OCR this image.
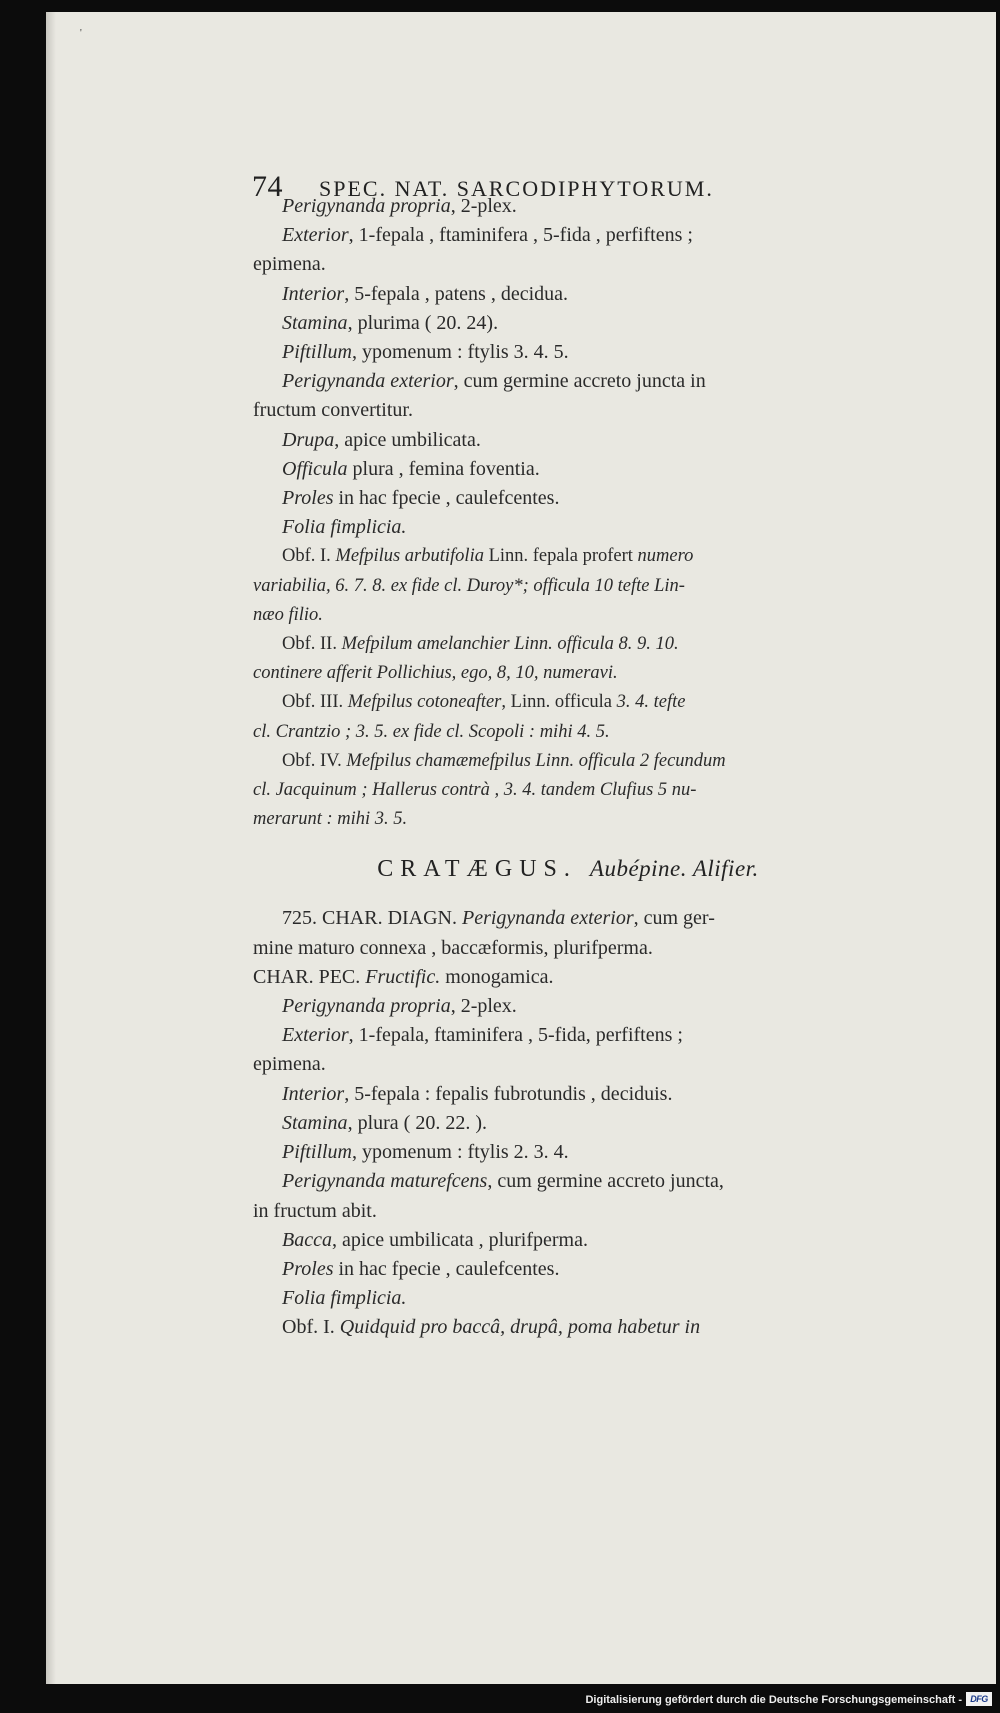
'
74 SPEC. NAT. SARCODIPHYTORUM.
Perigynanda propria, 2-plex.
Exterior, 1-fepala , ftaminifera , 5-fida , perfiftens ;
epimena.
Interior, 5-fepala , patens , decidua.
Stamina, plurima ( 20. 24).
Piftillum, ypomenum : ftylis 3. 4. 5.
Perigynanda exterior, cum germine accreto juncta in
fructum convertitur.
Drupa, apice umbilicata.
Officula plura , femina foventia.
Proles in hac fpecie , caulefcentes.
Folia fimplicia.
Obf. I. Mefpilus arbutifolia Linn. fepala profert numero
variabilia, 6. 7. 8. ex fide cl. Duroy*; officula 10 tefte Lin-
næo filio.
Obf. II. Mefpilum amelanchier Linn. officula 8. 9. 10.
continere afferit Pollichius, ego, 8, 10, numeravi.
Obf. III. Mefpilus cotoneafter, Linn. officula 3. 4. tefte
cl. Crantzio ; 3. 5. ex fide cl. Scopoli : mihi 4. 5.
Obf. IV. Mefpilus chamæmefpilus Linn. officula 2 fecundum
cl. Jacquinum ; Hallerus contrà , 3. 4. tandem Clufius 5 nu-
merarunt : mihi 3. 5.
CRATÆGUS. Aubépine. Alifier.
725. CHAR. DIAGN. Perigynanda exterior, cum ger-
mine maturo connexa , baccæformis, plurifperma.
CHAR. PEC. Fructific. monogamica.
Perigynanda propria, 2-plex.
Exterior, 1-fepala, ftaminifera , 5-fida, perfiftens ;
epimena.
Interior, 5-fepala : fepalis fubrotundis , deciduis.
Stamina, plura ( 20. 22. ).
Piftillum, ypomenum : ftylis 2. 3. 4.
Perigynanda maturefcens, cum germine accreto juncta,
in fructum abit.
Bacca, apice umbilicata , plurifperma.
Proles in hac fpecie , caulefcentes.
Folia fimplicia.
Obf. I. Quidquid pro baccâ, drupâ, poma habetur in
Digitalisierung gefördert durch die Deutsche Forschungsgemeinschaft - DFG
